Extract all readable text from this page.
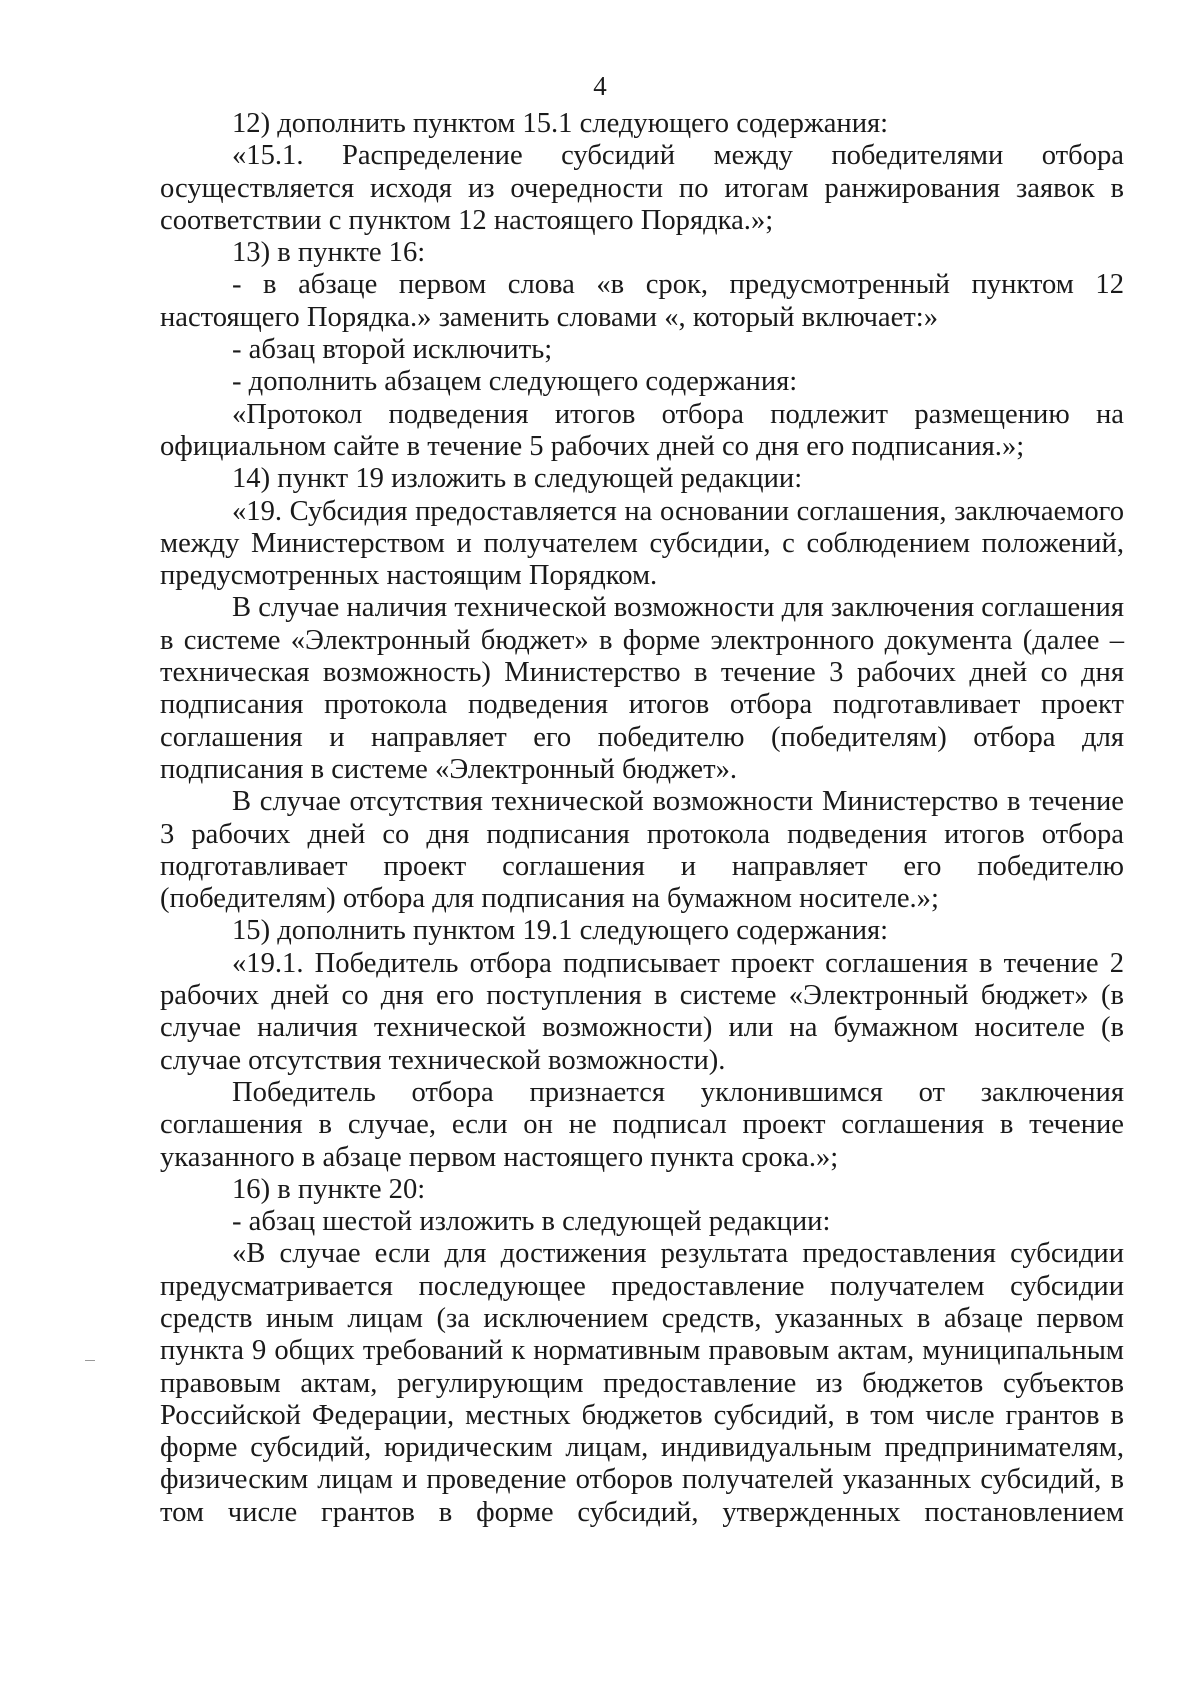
4

12) дополнить пунктом 15.1 следующего содержания:

«15.1. Распределение субсидий между победителями отбора осуществляется исходя из очередности по итогам ранжирования заявок в соответствии с пунктом 12 настоящего Порядка.»;

13) в пункте 16:

- в абзаце первом слова «в срок, предусмотренный пунктом 12 настоящего Порядка.» заменить словами «, который включает:»

- абзац второй исключить;

- дополнить абзацем следующего содержания:

«Протокол подведения итогов отбора подлежит размещению на официальном сайте в течение 5 рабочих дней со дня его подписания.»;

14) пункт 19 изложить в следующей редакции:

«19. Субсидия предоставляется на основании соглашения, заключаемого между Министерством и получателем субсидии, с соблюдением положений, предусмотренных настоящим Порядком.

В случае наличия технической возможности для заключения соглашения в системе «Электронный бюджет» в форме электронного документа (далее – техническая возможность) Министерство в течение 3 рабочих дней со дня подписания протокола подведения итогов отбора подготавливает проект соглашения и направляет его победителю (победителям) отбора для подписания в системе «Электронный бюджет».

В случае отсутствия технической возможности Министерство в течение 3 рабочих дней со дня подписания протокола подведения итогов отбора подготавливает проект соглашения и направляет его победителю (победителям) отбора для подписания на бумажном носителе.»;

15) дополнить пунктом 19.1 следующего содержания:

«19.1. Победитель отбора подписывает проект соглашения в течение 2 рабочих дней со дня его поступления в системе «Электронный бюджет» (в случае наличия технической возможности) или на бумажном носителе (в случае отсутствия технической возможности).

Победитель отбора признается уклонившимся от заключения соглашения в случае, если он не подписал проект соглашения в течение указанного в абзаце первом настоящего пункта срока.»;

16) в пункте 20:

- абзац шестой изложить в следующей редакции:

«В случае если для достижения результата предоставления субсидии предусматривается последующее предоставление получателем субсидии средств иным лицам (за исключением средств, указанных в абзаце первом пункта 9 общих требований к нормативным правовым актам, муниципальным правовым актам, регулирующим предоставление из бюджетов субъектов Российской Федерации, местных бюджетов субсидий, в том числе грантов в форме субсидий, юридическим лицам, индивидуальным предпринимателям, физическим лицам и проведение отборов получателей указанных субсидий, в том числе грантов в форме субсидий, утвержденных постановлением
